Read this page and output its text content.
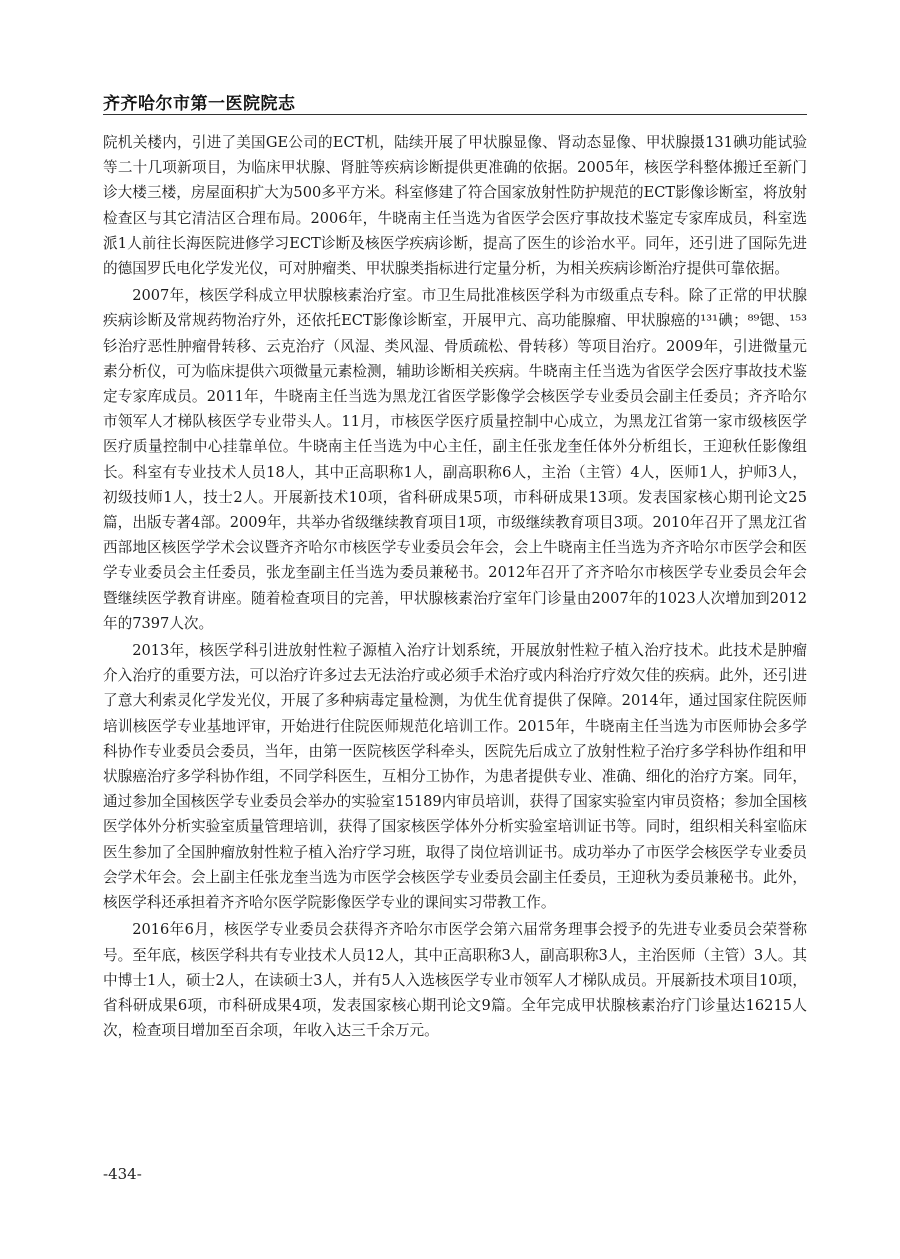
齐齐哈尔市第一医院院志

院机关楼内，引进了美国GE公司的ECT机，陆续开展了甲状腺显像、肾动态显像、甲状腺摄131碘功能试验等二十几项新项目，为临床甲状腺、肾脏等疾病诊断提供更准确的依据。2005年，核医学科整体搬迁至新门诊大楼三楼，房屋面积扩大为500多平方米。科室修建了符合国家放射性防护规范的ECT影像诊断室，将放射检查区与其它清洁区合理布局。2006年，牛晓南主任当选为省医学会医疗事故技术鉴定专家库成员，科室选派1人前往长海医院进修学习ECT诊断及核医学疾病诊断，提高了医生的诊治水平。同年，还引进了国际先进的德国罗氏电化学发光仪，可对肿瘤类、甲状腺类指标进行定量分析，为相关疾病诊断治疗提供可靠依据。

2007年，核医学科成立甲状腺核素治疗室。市卫生局批准核医学科为市级重点专科。除了正常的甲状腺疾病诊断及常规药物治疗外，还依托ECT影像诊断室，开展甲亢、高功能腺瘤、甲状腺癌的¹³¹碘；⁸⁹锶、¹⁵³钐治疗恶性肿瘤骨转移、云克治疗（风湿、类风湿、骨质疏松、骨转移）等项目治疗。2009年，引进微量元素分析仪，可为临床提供六项微量元素检测，辅助诊断相关疾病。牛晓南主任当选为省医学会医疗事故技术鉴定专家库成员。2011年，牛晓南主任当选为黑龙江省医学影像学会核医学专业委员会副主任委员；齐齐哈尔市领军人才梯队核医学专业带头人。11月，市核医学医疗质量控制中心成立，为黑龙江省第一家市级核医学医疗质量控制中心挂靠单位。牛晓南主任当选为中心主任，副主任张龙奎任体外分析组长，王迎秋任影像组长。科室有专业技术人员18人，其中正高职称1人，副高职称6人，主治（主管）4人，医师1人，护师3人，初级技师1人，技士2人。开展新技术10项，省科研成果5项，市科研成果13项。发表国家核心期刊论文25篇，出版专著4部。2009年，共举办省级继续教育项目1项，市级继续教育项目3项。2010年召开了黑龙江省西部地区核医学学术会议暨齐齐哈尔市核医学专业委员会年会，会上牛晓南主任当选为齐齐哈尔市医学会和医学专业委员会主任委员，张龙奎副主任当选为委员兼秘书。2012年召开了齐齐哈尔市核医学专业委员会年会暨继续医学教育讲座。随着检查项目的完善，甲状腺核素治疗室年门诊量由2007年的1023人次增加到2012年的7397人次。

2013年，核医学科引进放射性粒子源植入治疗计划系统，开展放射性粒子植入治疗技术。此技术是肿瘤介入治疗的重要方法，可以治疗许多过去无法治疗或必须手术治疗或内科治疗疗效欠佳的疾病。此外，还引进了意大利索灵化学发光仪，开展了多种病毒定量检测，为优生优育提供了保障。2014年，通过国家住院医师培训核医学专业基地评审，开始进行住院医师规范化培训工作。2015年，牛晓南主任当选为市医师协会多学科协作专业委员会委员，当年，由第一医院核医学科牵头，医院先后成立了放射性粒子治疗多学科协作组和甲状腺癌治疗多学科协作组，不同学科医生，互相分工协作，为患者提供专业、准确、细化的治疗方案。同年，通过参加全国核医学专业委员会举办的实验室15189内审员培训，获得了国家实验室内审员资格；参加全国核医学体外分析实验室质量管理培训，获得了国家核医学体外分析实验室培训证书等。同时，组织相关科室临床医生参加了全国肿瘤放射性粒子植入治疗学习班，取得了岗位培训证书。成功举办了市医学会核医学专业委员会学术年会。会上副主任张龙奎当选为市医学会核医学专业委员会副主任委员，王迎秋为委员兼秘书。此外，核医学科还承担着齐齐哈尔医学院影像医学专业的课间实习带教工作。

2016年6月，核医学专业委员会获得齐齐哈尔市医学会第六届常务理事会授予的先进专业委员会荣誉称号。至年底，核医学科共有专业技术人员12人，其中正高职称3人，副高职称3人，主治医师（主管）3人。其中博士1人，硕士2人，在读硕士3人，并有5人入选核医学专业市领军人才梯队成员。开展新技术项目10项，省科研成果6项，市科研成果4项，发表国家核心期刊论文9篇。全年完成甲状腺核素治疗门诊量达16215人次，检查项目增加至百余项，年收入达三千余万元。

-434-
